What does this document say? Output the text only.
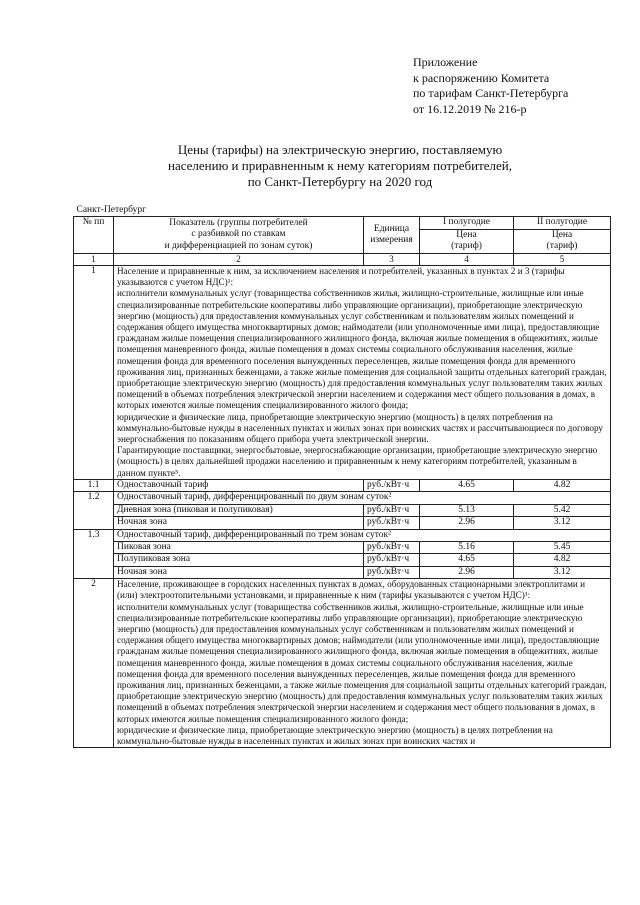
Приложение
к распоряжению Комитета
по тарифам Санкт-Петербурга
от 16.12.2019 № 216-р
Цены (тарифы) на электрическую энергию, поставляемую
населению и приравненным к нему категориям потребителей,
по Санкт-Петербургу на 2020 год
Санкт-Петербург				
№ пп	Показатель (группы потребителей
с разбивкой по ставкам
и дифференциацией по зонам суток)	Единица
измерения	I полугодие	II полугодие
			Цена	Цена
			(тариф)	(тариф)
1	2	3	4	5
1	Население и приравненные к ним, за исключением населения и потребителей, указанных в пунктах 2 и 3 (тарифы указываются с учетом НДС)¹:
исполнители коммунальных услуг (товарищества собственников жилья, жилищно-строительные, жилищные или иные специализированные потребительские кооперативы либо управляющие организации), приобретающие электрическую энергию (мощность) для предоставления коммунальных услуг собственникам и пользователям жилых помещений и содержания общего имущества многоквартирных домов; наймодатели (или уполномоченные ими лица), предоставляющие гражданам жилые помещения специализированного жилищного фонда, включая жилые помещения в общежитиях, жилые помещения маневренного фонда, жилые помещения в домах системы социального обслуживания населения, жилые помещения фонда для временного поселения вынужденных переселенцев, жилые помещения фонда для временного проживания лиц, признанных беженцами, а также жилые помещения для социальной защиты отдельных категорий граждан, приобретающие электрическую энергию (мощность) для предоставления коммунальных услуг пользователям таких жилых помещений в объемах потребления электрической энергии населением и содержания мест общего пользования в домах, в которых имеются жилые помещения специализированного жилого фонда;
юридические и физические лица, приобретающие электрическую энергию (мощность) в целях потребления на коммунально-бытовые нужды в населенных пунктах и жилых зонах при воинских частях и рассчитывающиеся по договору энергоснабжения по показаниям общего прибора учета электрической энергии.
Гарантирующие поставщики, энергосбытовые, энергоснабжающие организации, приобретающие электрическую энергию (мощность) в целях дальнейшей продажи населению и приравненным к нему категориям потребителей, указанным в данном пункте⁵.			

1.1	Одноставочный тариф	руб./кВт·ч	4.65	4.82
1.2	Одноставочный тариф, дифференцированный по двум зонам суток²			
	Дневная зона (пиковая и полупиковая)	руб./кВт·ч	5.13	5.42
	Ночная зона	руб./кВт·ч	2.96	3.12
1.3	Одноставочный тариф, дифференцированный по трем зонам суток²			
	Пиковая зона	руб./кВт·ч	5.16	5.45
	Полупиковая зона	руб./кВт·ч	4.65	4.82
	Ночная зона	руб./кВт·ч	2.96	3.12
2	Население, проживающее в городских населенных пунктах в домах, оборудованных стационарными электроплитами и (или) электроотопительными установками, и приравненные к ним (тарифы указываются с учетом НДС)¹:
исполнители коммунальных услуг (товарищества собственников жилья, жилищно-строительные, жилищные или иные специализированные потребительские кооперативы либо управляющие организации), приобретающие электрическую энергию (мощность) для предоставления коммунальных услуг собственникам и пользователям жилых помещений и содержания общего имущества многоквартирных домов; наймодатели (или уполномоченные ими лица), предоставляющие гражданам жилые помещения специализированного жилищного фонда, включая жилые помещения в общежитиях, жилые помещения маневренного фонда, жилые помещения в домах системы социального обслуживания населения, жилые помещения фонда для временного поселения вынужденных переселенцев, жилые помещения фонда для временного проживания лиц, признанных беженцами, а также жилые помещения для социальной защиты отдельных категорий граждан, приобретающие электрическую энергию (мощность) для предоставления коммунальных услуг пользователям таких жилых помещений в объемах потребления электрической энергии населением и содержания мест общего пользования в домах, в которых имеются жилые помещения специализированного жилого фонда;
юридические и физические лица, приобретающие электрическую энергию (мощность) в целях потребления на коммунально-бытовые нужды в населенных пунктах и жилых зонах при воинских частях и			
